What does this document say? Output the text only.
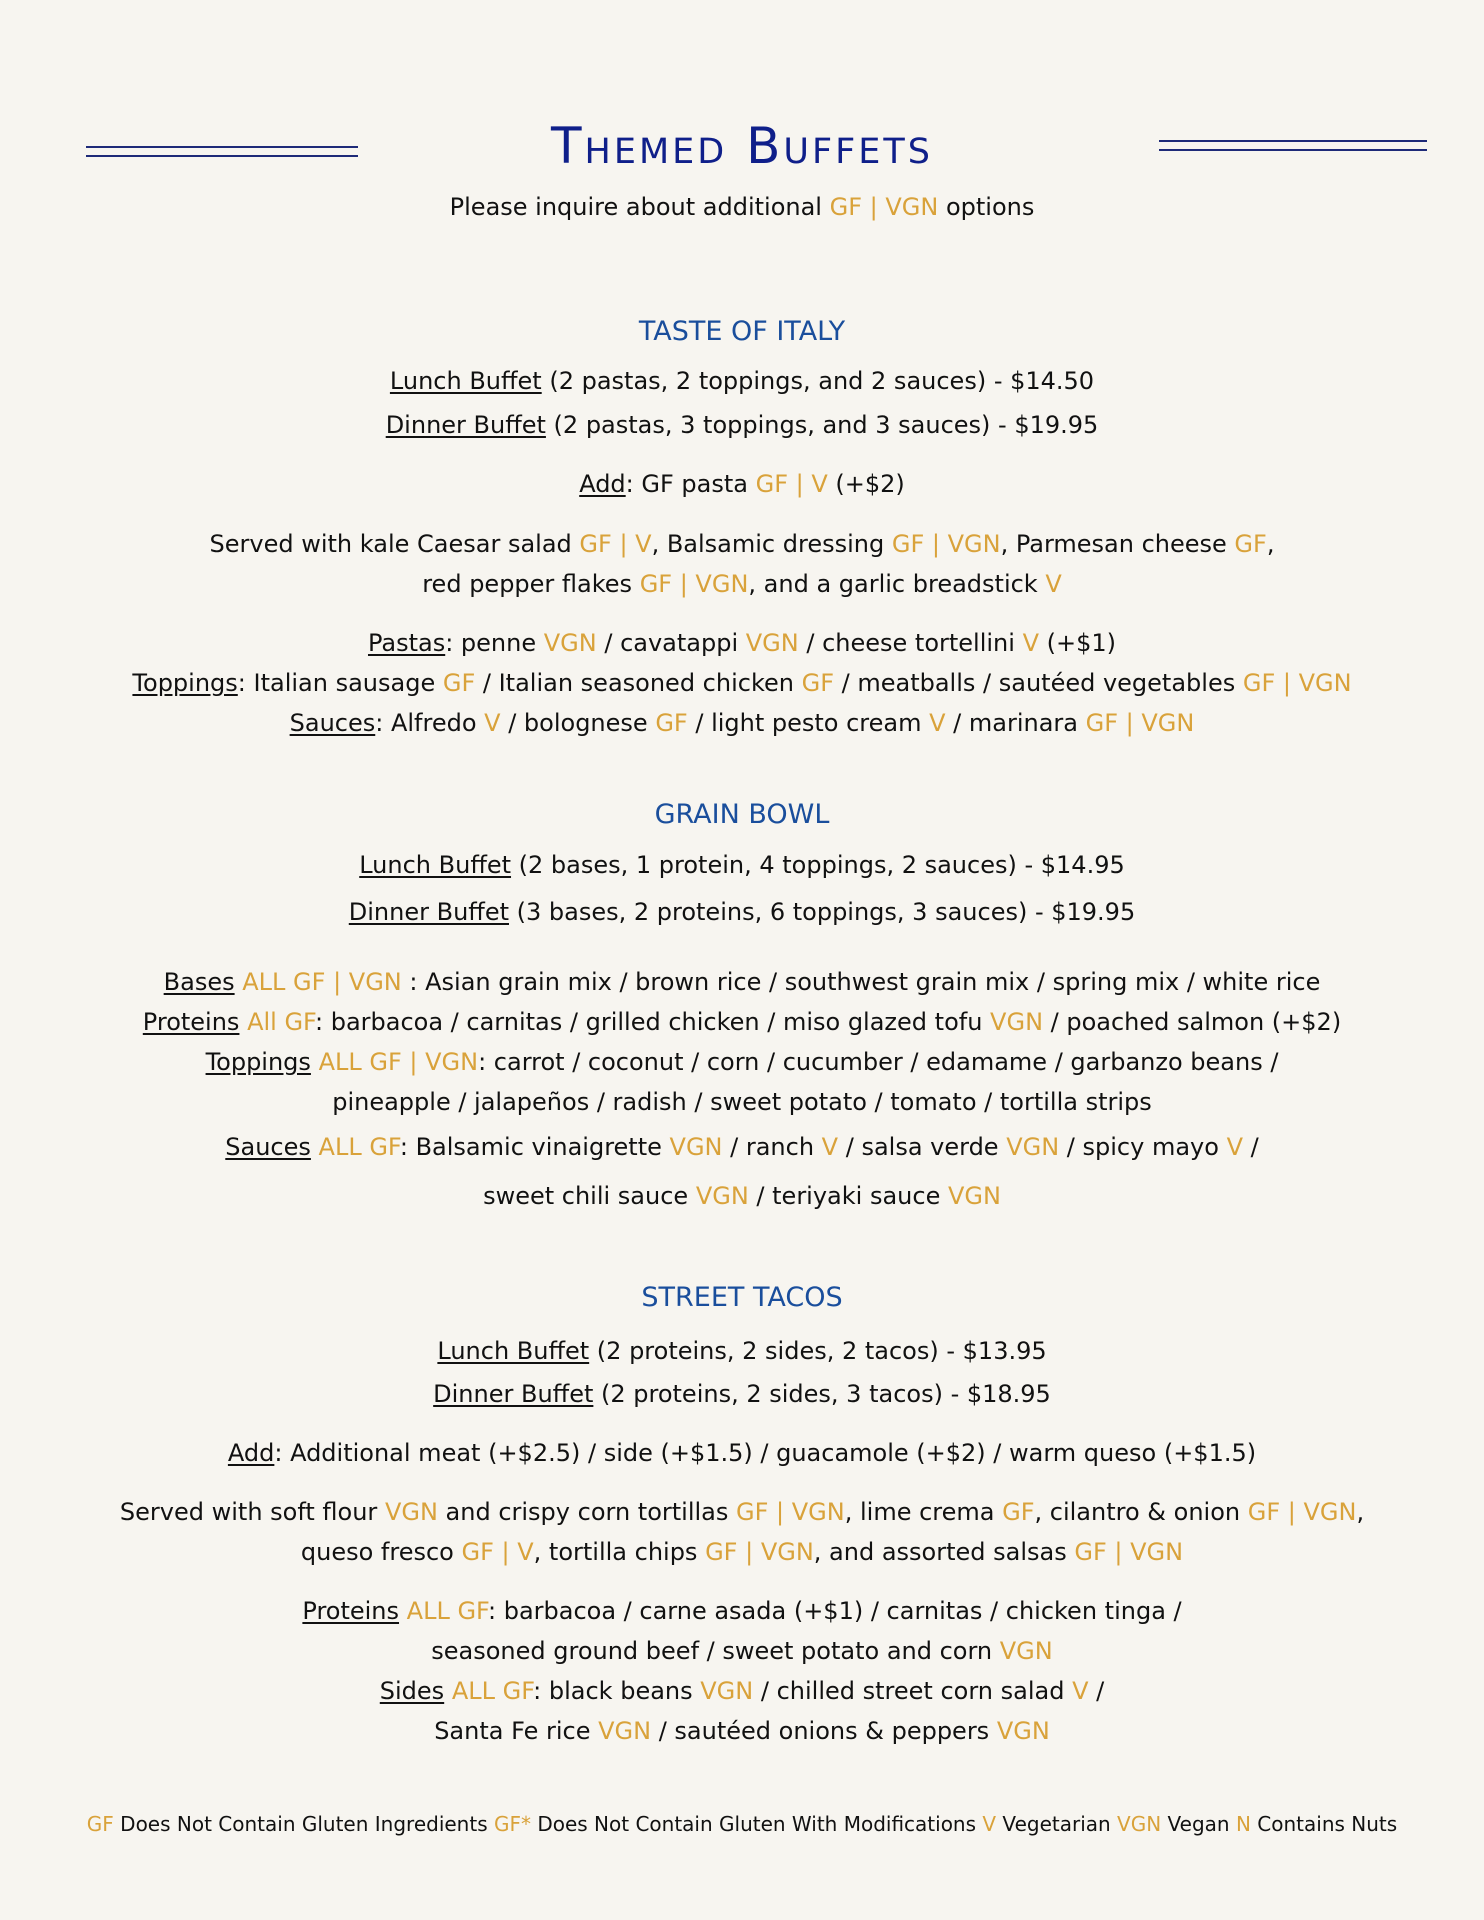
Themed Buffets
Please inquire about additional GF | VGN options
TASTE OF ITALY
Lunch Buffet (2 pastas, 2 toppings, and 2 sauces) - $14.50
Dinner Buffet (2 pastas, 3 toppings, and 3 sauces) - $19.95
Add: GF pasta GF | V (+$2)
Served with kale Caesar salad GF | V, Balsamic dressing GF | VGN, Parmesan cheese GF,
red pepper flakes GF | VGN, and a garlic breadstick V
Pastas: penne VGN / cavatappi VGN / cheese tortellini V (+$1)
Toppings: Italian sausage GF / Italian seasoned chicken GF / meatballs / sautéed vegetables GF | VGN
Sauces: Alfredo V / bolognese GF / light pesto cream V / marinara GF | VGN
GRAIN BOWL
Lunch Buffet (2 bases, 1 protein, 4 toppings, 2 sauces) - $14.95
Dinner Buffet (3 bases, 2 proteins, 6 toppings, 3 sauces) - $19.95
Bases ALL GF | VGN : Asian grain mix / brown rice / southwest grain mix / spring mix / white rice
Proteins All GF: barbacoa / carnitas / grilled chicken / miso glazed tofu VGN / poached salmon (+$2)
Toppings ALL GF | VGN: carrot / coconut / corn / cucumber / edamame / garbanzo beans /
pineapple / jalapeños / radish / sweet potato / tomato / tortilla strips
Sauces ALL GF: Balsamic vinaigrette VGN / ranch V / salsa verde VGN / spicy mayo V /
sweet chili sauce VGN / teriyaki sauce VGN
STREET TACOS
Lunch Buffet (2 proteins, 2 sides, 2 tacos) - $13.95
Dinner Buffet (2 proteins, 2 sides, 3 tacos) - $18.95
Add: Additional meat (+$2.5) / side (+$1.5) / guacamole (+$2) / warm queso (+$1.5)
Served with soft flour VGN and crispy corn tortillas GF | VGN, lime crema GF, cilantro & onion GF | VGN,
queso fresco GF | V, tortilla chips GF | VGN, and assorted salsas GF | VGN
Proteins ALL GF: barbacoa / carne asada (+$1) / carnitas / chicken tinga /
seasoned ground beef / sweet potato and corn VGN
Sides ALL GF: black beans VGN / chilled street corn salad V /
Santa Fe rice VGN / sautéed onions & peppers VGN
GF Does Not Contain Gluten Ingredients GF* Does Not Contain Gluten With Modifications V Vegetarian VGN Vegan N Contains Nuts
